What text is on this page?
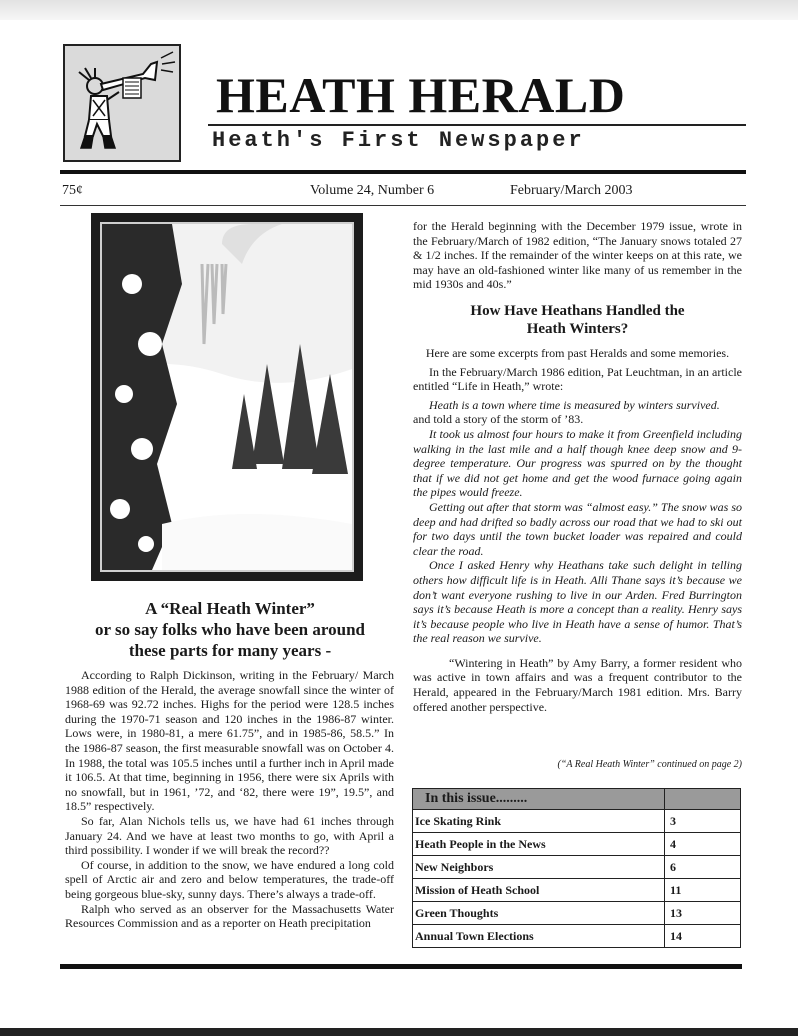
HEATH HERALD
Heath's First Newspaper
75¢	Volume 24, Number 6	February/March 2003
A “Real Heath Winter”
or so say folks who have been around
these parts for many years -

According to Ralph Dickinson, writing in the February/ March 1988 edition of the Herald, the average snowfall since the winter of 1968-69 was 92.72 inches. Highs for the period were 128.5 inches during the 1970-71 season and 120 inches in the 1986-87 winter. Lows were, in 1980-81, a mere 61.75”, and in 1985-86, 58.5.” In the 1986-87 season, the first measurable snowfall was on October 4. In 1988, the total was 105.5 inches until a further inch in April made it 106.5. At that time, beginning in 1956, there were six Aprils with no snowfall, but in 1961, ’72, and ‘82, there were 19”, 19.5”, and 18.5” respectively.

So far, Alan Nichols tells us, we have had 61 inches through January 24. And we have at least two months to go, with April a third possibility. I wonder if we will break the record??

Of course, in addition to the snow, we have endured a long cold spell of Arctic air and zero and below temperatures, the trade-off being gorgeous blue-sky, sunny days. There’s always a trade-off.

Ralph who served as an observer for the Massachusetts Water Resources Commission and as a reporter on Heath precipitation

for the Herald beginning with the December 1979 issue, wrote in the February/March of 1982 edition, “The January snows totaled 27 & 1/2 inches. If the remainder of the winter keeps on at this rate, we may have an old-fashioned winter like many of us remember in the mid 1930s and 40s.”

How Have Heathans Handled the
Heath Winters?

Here are some excerpts from past Heralds and some memories.

In the February/March 1986 edition, Pat Leuchtman, in an article entitled “Life in Heath,” wrote:

Heath is a town where time is measured by winters survived.

and told a story of the storm of ’83.

It took us almost four hours to make it from Greenfield including walking in the last mile and a half though knee deep snow and 9-degree temperature. Our progress was spurred on by the thought that if we did not get home and get the wood furnace going again the pipes would freeze.

Getting out after that storm was “almost easy.” The snow was so deep and had drifted so badly across our road that we had to ski out for two days until the town bucket loader was repaired and could clear the road.

Once I asked Henry why Heathans take such delight in telling others how difficult life is in Heath. Alli Thane says it’s because we don’t want everyone rushing to live in our Arden. Fred Burrington says it’s because Heath is more a concept than a reality. Henry says it’s because people who live in Heath have a sense of humor. That’s the real reason we survive.

“Wintering in Heath” by Amy Barry, a former resident who was active in town affairs and was a frequent contributor to the Herald, appeared in the February/March 1981 edition. Mrs. Barry offered another perspective.

(“A Real Heath Winter” continued on page 2)
In this issue.........	
Ice Skating Rink	3
Heath People in the News	4
New Neighbors	6
Mission of Heath School	11
Green Thoughts	13
Annual Town Elections	14
